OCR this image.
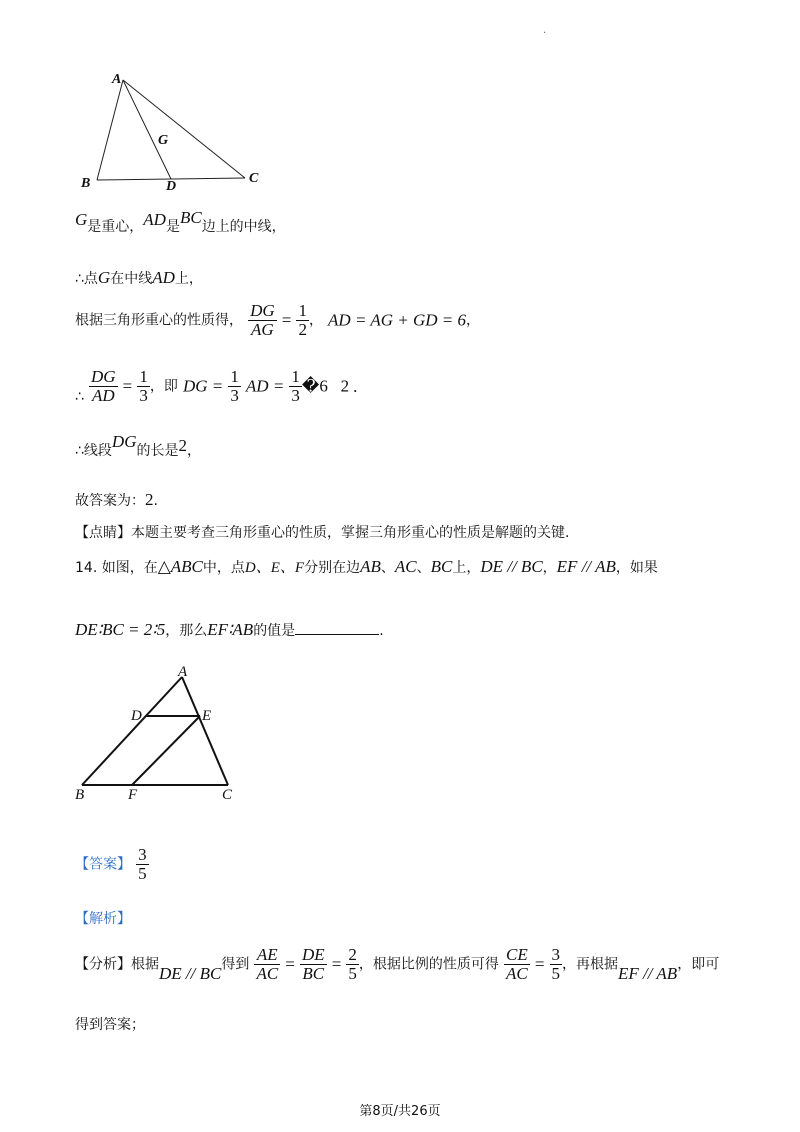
·
A
B	C
D
G
G是重心，AD是BC边上的中线，
∴点G在中线AD上，
根据三角形重心的性质得， $\frac{DG}{AG} = \frac{1}{2}$ ， AD = AG + GD = 6，
∴ $\frac{DG}{AD} = \frac{1}{3}$ ，即 DG = $\frac{1}{3}$ AD = $\frac{1}{3}$ �6   2 .
∴线段DG的长是2，
故答案为：2.
【点睛】本题主要考查三角形重心的性质，掌握三角形重心的性质是解题的关键.
14. 如图，在△ABC中，点D、E、F分别在边AB、AC、BC上，DE // BC，EF // AB，如果
DE∶BC = 2∶5，那么EF∶AB的值是	.
A
D	E
B	F	C
【答案】 $\frac{3}{5}$
【解析】
【分析】根据DE // BC得到 $\frac{AE}{AC} = \frac{DE}{BC} = \frac{2}{5}$ ，根据比例的性质可得 $\frac{CE}{AC} = \frac{3}{5}$ ，再根据EF // AB，即可
得到答案；
第8页/共26页
